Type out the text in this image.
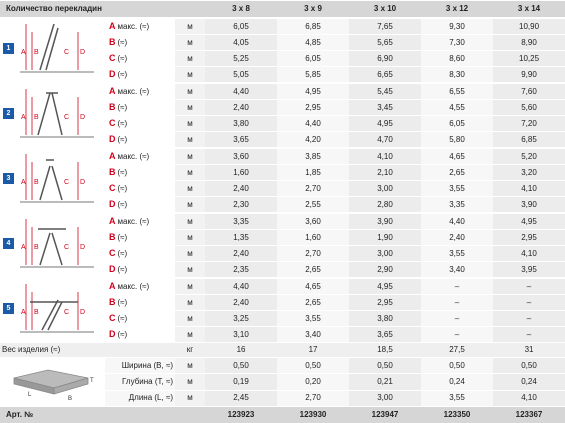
Количество перекладин			3 x 8	3 x 9	3 x 10	3 x 12	3 x 14

1
A B C D	A макс. (≈)	м	6,05	6,85	7,65	9,30	10,90
	B (≈)	м	4,05	4,85	5,65	7,30	8,90
	C (≈)	м	5,25	6,05	6,90	8,60	10,25
	D (≈)	м	5,05	5,85	6,65	8,30	9,90

2
A B C D	A макс. (≈)	м	4,40	4,95	5,45	6,55	7,60
	B (≈)	м	2,40	2,95	3,45	4,55	5,60
	C (≈)	м	3,80	4,40	4,95	6,05	7,20
	D (≈)	м	3,65	4,20	4,70	5,80	6,85

3
A B C D	A макс. (≈)	м	3,60	3,85	4,10	4,65	5,20
	B (≈)	м	1,60	1,85	2,10	2,65	3,20
	C (≈)	м	2,40	2,70	3,00	3,55	4,10
	D (≈)	м	2,30	2,55	2,80	3,35	3,90

4
A B C D	A макс. (≈)	м	3,35	3,60	3,90	4,40	4,95
	B (≈)	м	1,35	1,60	1,90	2,40	2,95
	C (≈)	м	2,40	2,70	3,00	3,55	4,10
	D (≈)	м	2,35	2,65	2,90	3,40	3,95

5
A B C D	A макс. (≈)	м	4,40	4,65	4,95	–	–
	B (≈)	м	2,40	2,65	2,95	–	–
	C (≈)	м	3,25	3,55	3,80	–	–
	D (≈)	м	3,10	3,40	3,65	–	–
Вес изделия (≈)		кг	16	17	18,5	27,5	31

T
B
L	Ширина (B, ≈)	м	0,50	0,50	0,50	0,50	0,50
	Глубина (T, ≈)	м	0,19	0,20	0,21	0,24	0,24
	Длина (L, ≈)	м	2,45	2,70	3,00	3,55	4,10
Арт. №			123923	123930	123947	123350	123367
